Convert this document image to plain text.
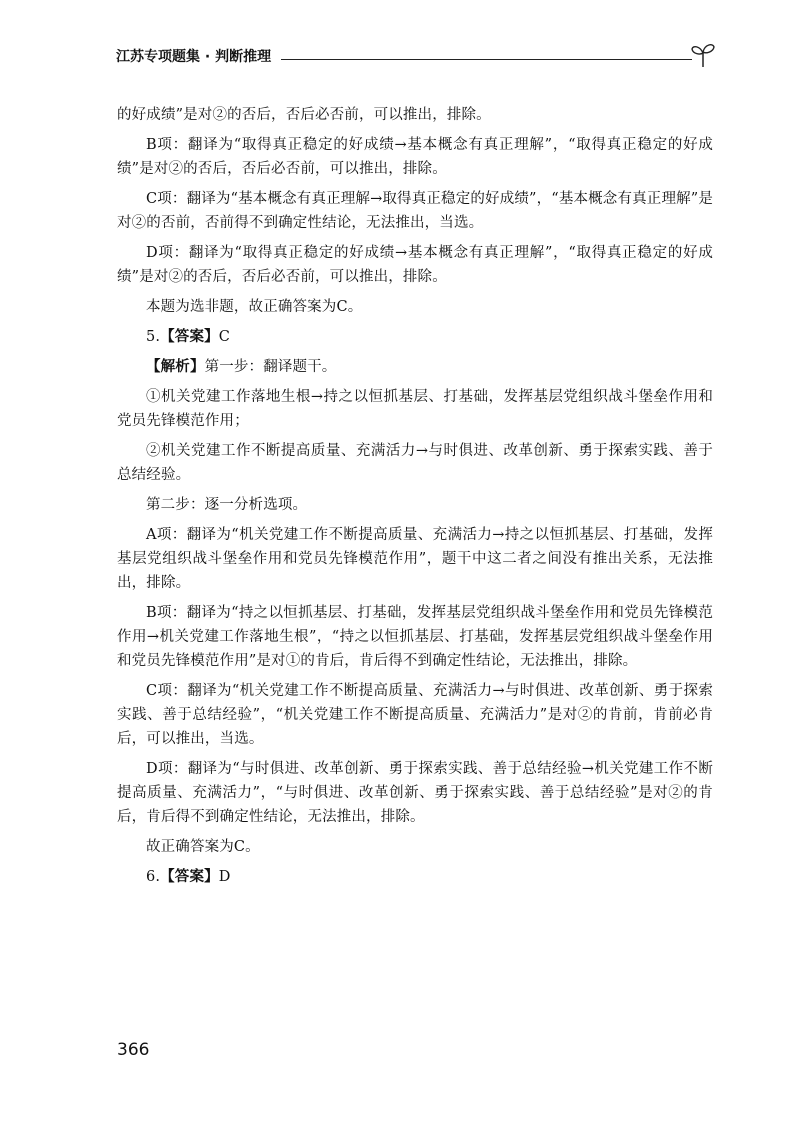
江苏专项题集 · 判断推理

的好成绩”是对②的否后，否后必否前，可以推出，排除。

B项：翻译为“取得真正稳定的好成绩→基本概念有真正理解”，“取得真正稳定的好成绩”是对②的否后，否后必否前，可以推出，排除。

C项：翻译为“基本概念有真正理解→取得真正稳定的好成绩”，“基本概念有真正理解”是对②的否前，否前得不到确定性结论，无法推出，当选。

D项：翻译为“取得真正稳定的好成绩→基本概念有真正理解”，“取得真正稳定的好成绩”是对②的否后，否后必否前，可以推出，排除。

本题为选非题，故正确答案为C。

5.【答案】C

【解析】第一步：翻译题干。

①机关党建工作落地生根→持之以恒抓基层、打基础，发挥基层党组织战斗堡垒作用和党员先锋模范作用；

②机关党建工作不断提高质量、充满活力→与时俱进、改革创新、勇于探索实践、善于总结经验。

第二步：逐一分析选项。

A项：翻译为“机关党建工作不断提高质量、充满活力→持之以恒抓基层、打基础，发挥基层党组织战斗堡垒作用和党员先锋模范作用”，题干中这二者之间没有推出关系，无法推出，排除。

B项：翻译为“持之以恒抓基层、打基础，发挥基层党组织战斗堡垒作用和党员先锋模范作用→机关党建工作落地生根”，“持之以恒抓基层、打基础，发挥基层党组织战斗堡垒作用和党员先锋模范作用”是对①的肯后，肯后得不到确定性结论，无法推出，排除。

C项：翻译为“机关党建工作不断提高质量、充满活力→与时俱进、改革创新、勇于探索实践、善于总结经验”，“机关党建工作不断提高质量、充满活力”是对②的肯前，肯前必肯后，可以推出，当选。

D项：翻译为“与时俱进、改革创新、勇于探索实践、善于总结经验→机关党建工作不断提高质量、充满活力”，“与时俱进、改革创新、勇于探索实践、善于总结经验”是对②的肯后，肯后得不到确定性结论，无法推出，排除。

故正确答案为C。

6.【答案】D

366
